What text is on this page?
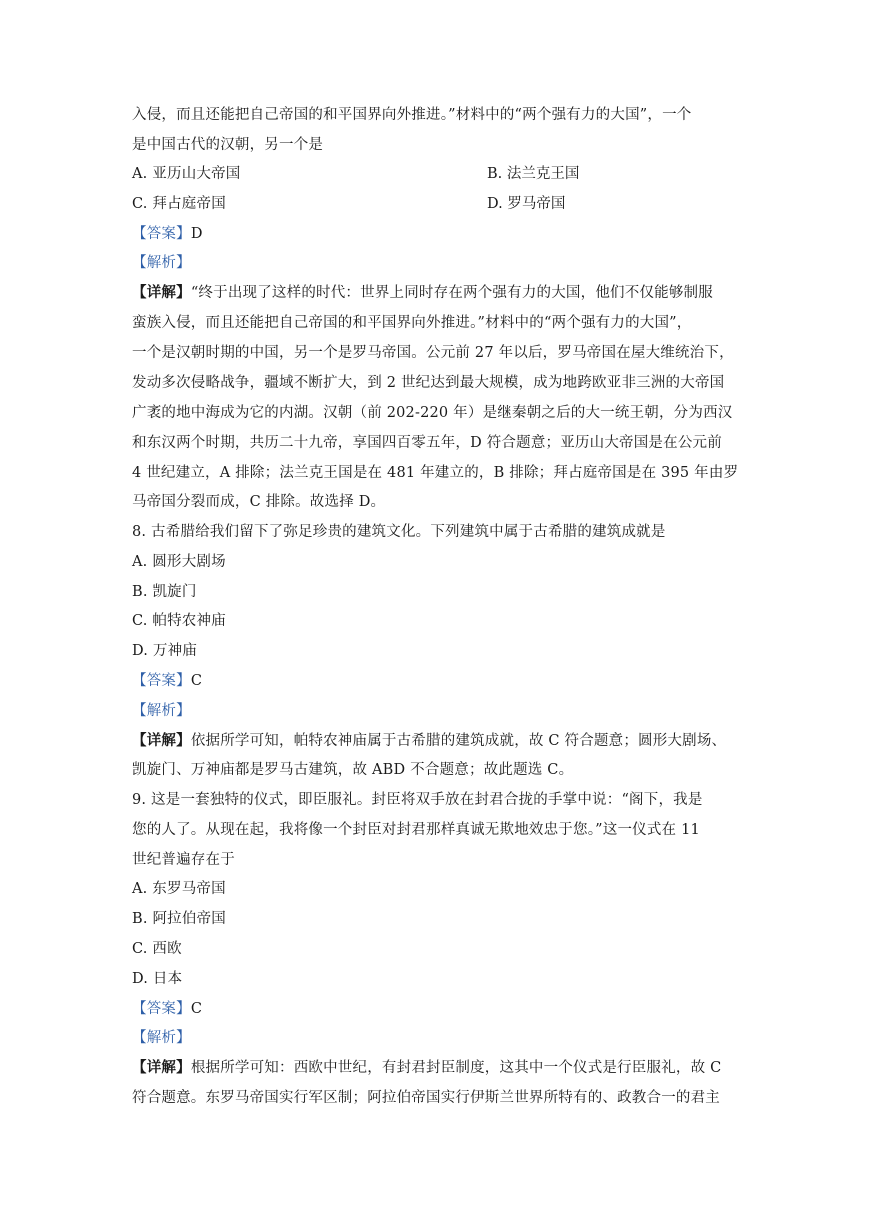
入侵，而且还能把自己帝国的和平国界向外推进。”材料中的“两个强有力的大国”，一个
是中国古代的汉朝，另一个是
A. 亚历山大帝国	B. 法兰克王国
C. 拜占庭帝国	D. 罗马帝国
【答案】D
【解析】
【详解】“终于出现了这样的时代：世界上同时存在两个强有力的大国，他们不仅能够制服
蛮族入侵，而且还能把自己帝国的和平国界向外推进。”材料中的“两个强有力的大国”，
一个是汉朝时期的中国，另一个是罗马帝国。公元前 27 年以后，罗马帝国在屋大维统治下，
发动多次侵略战争，疆域不断扩大，到 2 世纪达到最大规模，成为地跨欧亚非三洲的大帝国
广袤的地中海成为它的内湖。汉朝（前 202-220 年）是继秦朝之后的大一统王朝，分为西汉
和东汉两个时期，共历二十九帝，享国四百零五年，D 符合题意；亚历山大帝国是在公元前
4 世纪建立，A 排除；法兰克王国是在 481 年建立的，B 排除；拜占庭帝国是在 395 年由罗
马帝国分裂而成，C 排除。故选择 D。
8. 古希腊给我们留下了弥足珍贵的建筑文化。下列建筑中属于古希腊的建筑成就是
A. 圆形大剧场
B. 凯旋门
C. 帕特农神庙
D. 万神庙
【答案】C
【解析】
【详解】依据所学可知，帕特农神庙属于古希腊的建筑成就，故 C 符合题意；圆形大剧场、
凯旋门、万神庙都是罗马古建筑，故 ABD 不合题意；故此题选 C。
9. 这是一套独特的仪式，即臣服礼。封臣将双手放在封君合拢的手掌中说：“阁下，我是
您的人了。从现在起，我将像一个封臣对封君那样真诚无欺地效忠于您。”这一仪式在 11
世纪普遍存在于
A. 东罗马帝国
B. 阿拉伯帝国
C. 西欧
D. 日本
【答案】C
【解析】
【详解】根据所学可知：西欧中世纪，有封君封臣制度，这其中一个仪式是行臣服礼，故 C
符合题意。东罗马帝国实行军区制；阿拉伯帝国实行伊斯兰世界所特有的、政教合一的君主
